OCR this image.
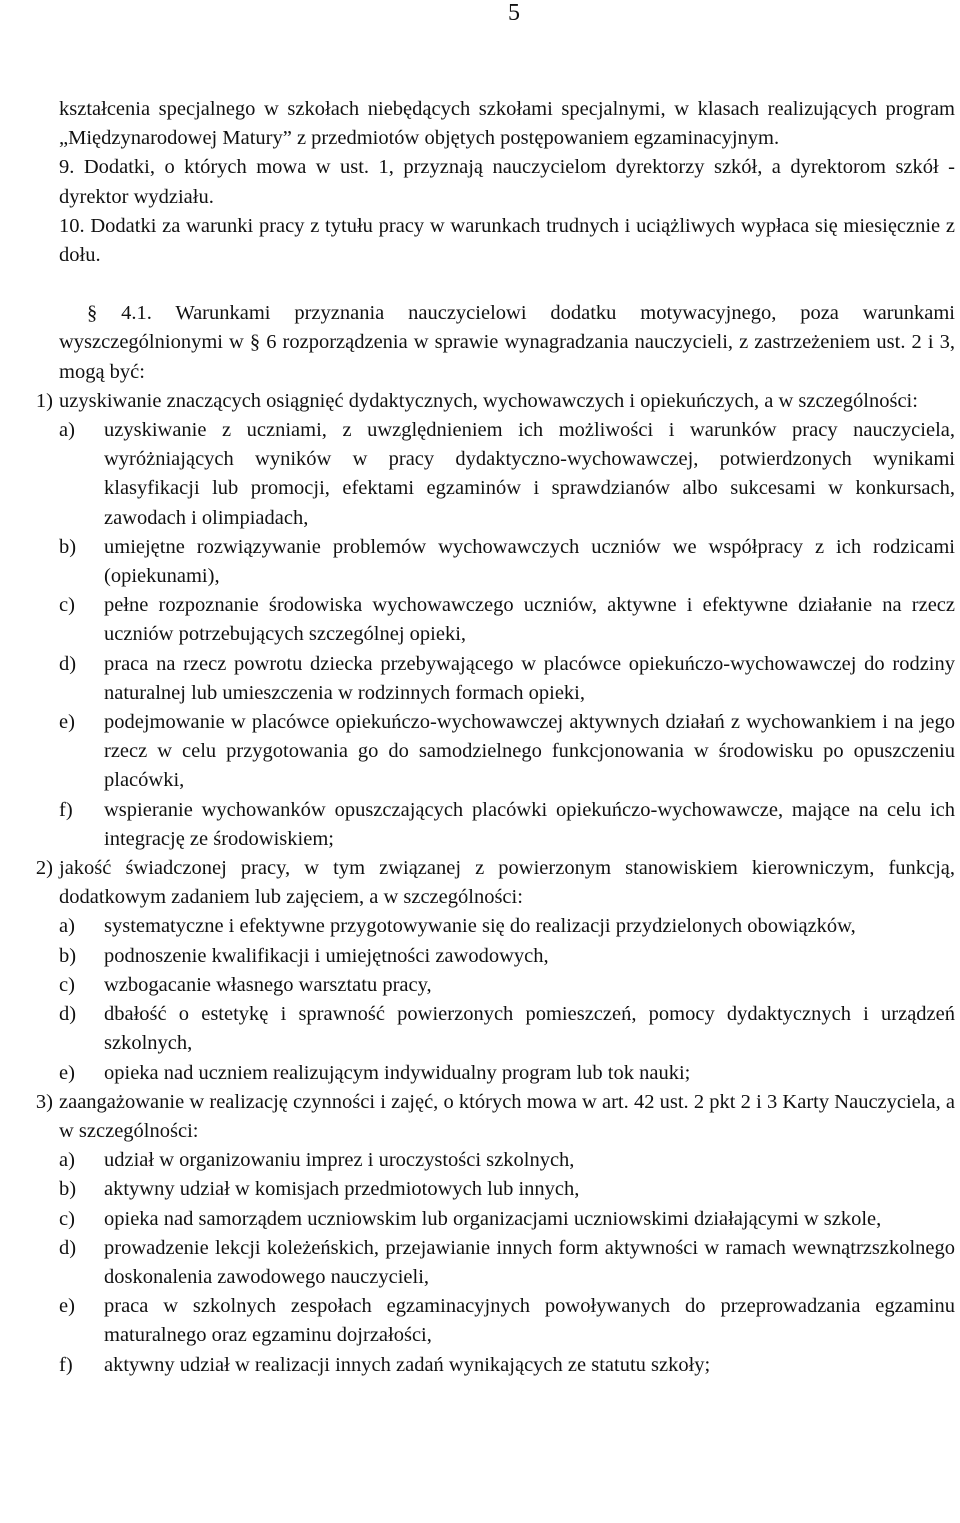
5

kształcenia specjalnego w szkołach niebędących szkołami specjalnymi, w klasach realizujących program „Międzynarodowej Matury” z przedmiotów objętych postępowaniem egzaminacyjnym.

9. Dodatki, o których mowa w ust. 1, przyznają nauczycielom dyrektorzy szkół, a dyrektorom szkół - dyrektor wydziału.

10. Dodatki za warunki pracy z tytułu pracy w warunkach trudnych i uciążliwych wypłaca się miesięcznie z dołu.

§ 4.1. Warunkami przyznania nauczycielowi dodatku motywacyjnego, poza warunkami wyszczególnionymi w § 6 rozporządzenia w sprawie wynagradzania nauczycieli, z zastrzeżeniem ust. 2 i 3, mogą być:

1) uzyskiwanie znaczących osiągnięć dydaktycznych, wychowawczych i opiekuńczych, a w szczególności:
a)	uzyskiwanie z uczniami, z uwzględnieniem ich możliwości i warunków pracy nauczyciela, wyróżniających wyników w pracy dydaktyczno-wychowawczej, potwierdzonych wynikami klasyfikacji lub promocji, efektami egzaminów i sprawdzianów albo sukcesami w konkursach, zawodach i olimpiadach,
b)	umiejętne rozwiązywanie problemów wychowawczych uczniów we współpracy z ich rodzicami (opiekunami),
c)	pełne rozpoznanie środowiska wychowawczego uczniów, aktywne i efektywne działanie na rzecz uczniów potrzebujących szczególnej opieki,
d)	praca na rzecz powrotu dziecka przebywającego w placówce opiekuńczo-wychowawczej do rodziny naturalnej lub umieszczenia w rodzinnych formach opieki,
e)	podejmowanie w placówce opiekuńczo-wychowawczej aktywnych działań z wychowankiem i na jego rzecz w celu przygotowania go do samodzielnego funkcjonowania w środowisku po opuszczeniu placówki,
f)	wspieranie wychowanków opuszczających placówki opiekuńczo-wychowawcze, mające na celu ich integrację ze środowiskiem;
2) jakość świadczonej pracy, w tym związanej z powierzonym stanowiskiem kierowniczym, funkcją, dodatkowym zadaniem lub zajęciem, a w szczególności:
a)	systematyczne i efektywne przygotowywanie się do realizacji przydzielonych obowiązków,
b)	podnoszenie kwalifikacji i umiejętności zawodowych,
c)	wzbogacanie własnego warsztatu pracy,
d)	dbałość o estetykę i sprawność powierzonych pomieszczeń, pomocy dydaktycznych i urządzeń szkolnych,
e)	opieka nad uczniem realizującym indywidualny program lub tok nauki;
3) zaangażowanie w realizację czynności i zajęć, o których mowa w art. 42 ust. 2 pkt 2 i 3 Karty Nauczyciela, a w szczególności:
a)	udział w organizowaniu imprez i uroczystości szkolnych,
b)	aktywny udział w komisjach przedmiotowych lub innych,
c)	opieka nad samorządem uczniowskim lub organizacjami uczniowskimi działającymi w szkole,
d)	prowadzenie lekcji koleżeńskich, przejawianie innych form aktywności w ramach wewnątrzszkolnego doskonalenia zawodowego nauczycieli,
e)	praca w szkolnych zespołach egzaminacyjnych powoływanych do przeprowadzania egzaminu maturalnego oraz egzaminu dojrzałości,
f)	aktywny udział w realizacji innych zadań wynikających ze statutu szkoły;
